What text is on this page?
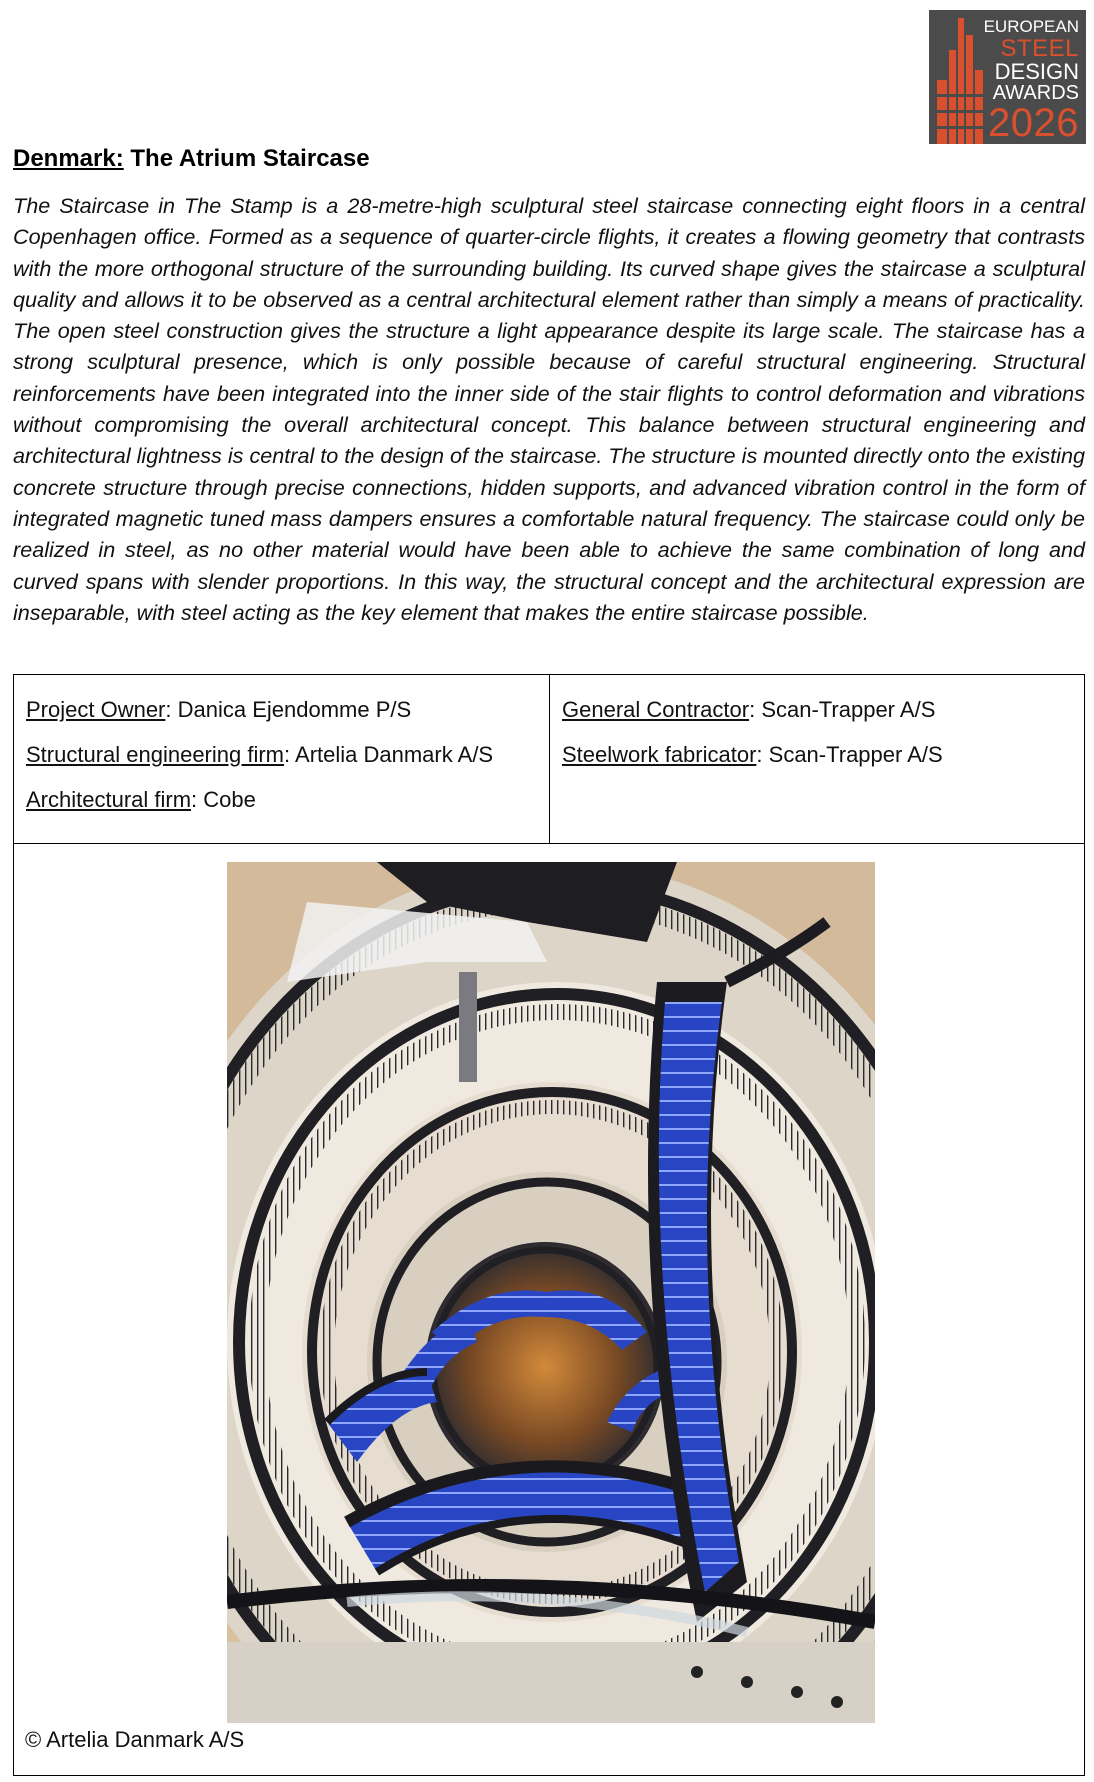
EUROPEAN
STEEL
DESIGN
AWARDS
2026
Denmark: The Atrium Staircase
The Staircase in The Stamp is a 28-metre-high sculptural steel staircase connecting eight floors in a central Copenhagen office. Formed as a sequence of quarter-circle flights, it creates a flowing geometry that contrasts with the more orthogonal structure of the surrounding building. Its curved shape gives the staircase a sculptural quality and allows it to be observed as a central architectural element rather than simply a means of practicality. The open steel construction gives the structure a light appearance despite its large scale. The staircase has a strong sculptural presence, which is only possible because of careful structural engineering. Structural reinforcements have been integrated into the inner side of the stair flights to control deformation and vibrations without compromising the overall architectural concept. This balance between structural engineering and architectural lightness is central to the design of the staircase. The structure is mounted directly onto the existing concrete structure through precise connections, hidden supports, and advanced vibration control in the form of integrated magnetic tuned mass dampers ensures a comfortable natural frequency. The staircase could only be realized in steel, as no other material would have been able to achieve the same combination of long and curved spans with slender proportions. In this way, the structural concept and the architectural expression are inseparable, with steel acting as the key element that makes the entire staircase possible.
Project Owner: Danica Ejendomme P/S
Structural engineering firm: Artelia Danmark A/S
Architectural firm: Cobe
General Contractor: Scan-Trapper A/S
Steelwork fabricator: Scan-Trapper A/S
© Artelia Danmark A/S
